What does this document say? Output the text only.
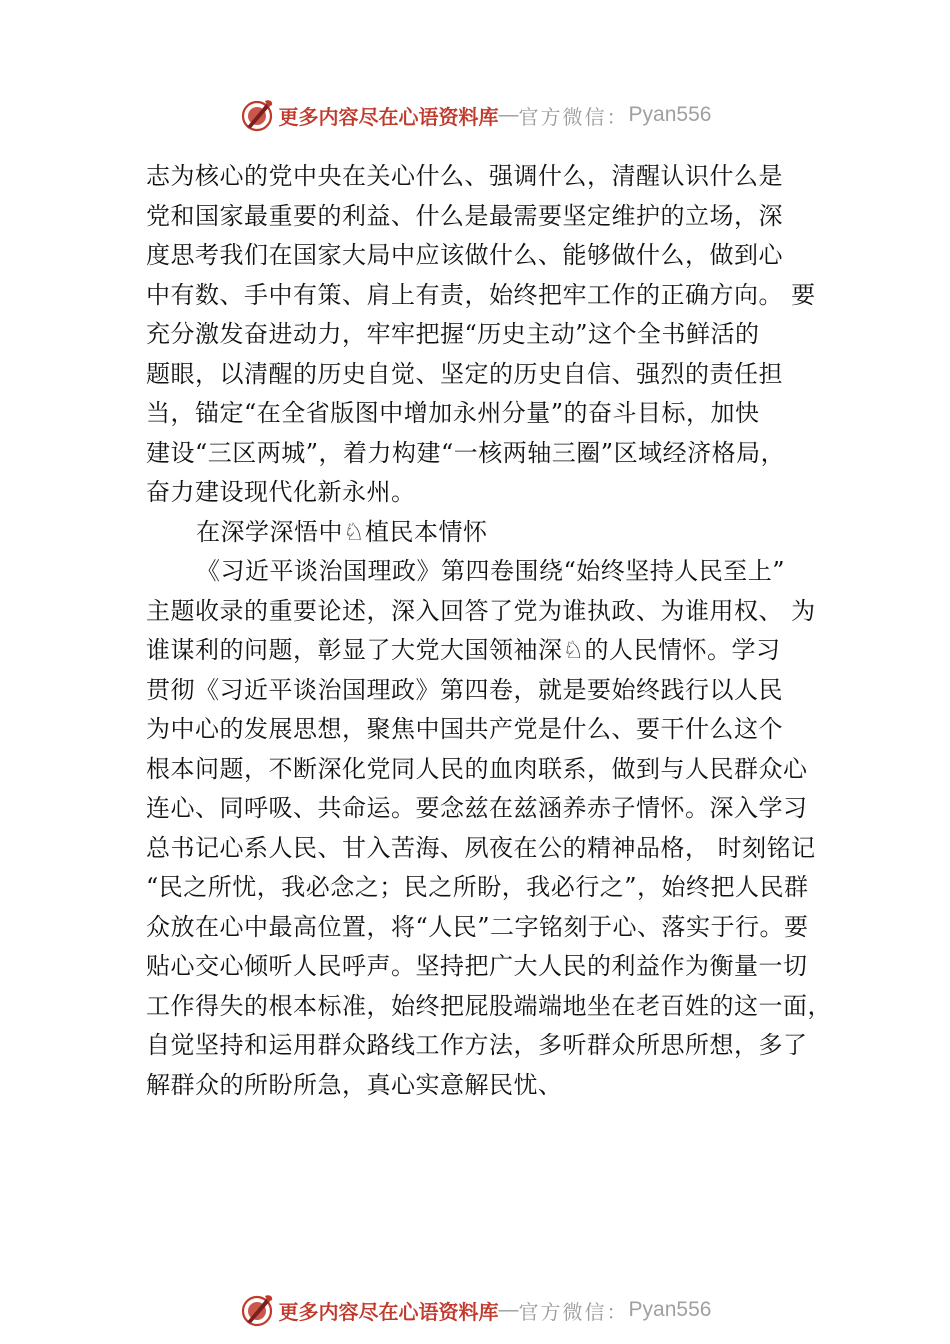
更多内容尽在心语资料库 — 官方微信： Pyan556
志为核心的党中央在关心什么、强调什么，清醒认识什么是
党和国家最重要的利益、什么是最需要坚定维护的立场，深
度思考我们在国家大局中应该做什么、能够做什么，做到心
中有数、手中有策、肩上有责，始终把牢工作的正确方向。 要
充分激发奋进动力，牢牢把握“历史主动”这个全书鲜活的
题眼，以清醒的历史自觉、坚定的历史自信、强烈的责任担
当，锚定“在全省版图中增加永州分量”的奋斗目标，加快
建设“三区两城”，着力构建“一核两轴三圈”区域经济格局，
奋力建设现代化新永州。
在深学深悟中♘植民本情怀
《习近平谈治国理政》第四卷围绕“始终坚持人民至上”
主题收录的重要论述，深入回答了党为谁执政、为谁用权、 为
谁谋利的问题，彰显了大党大国领袖深♘的人民情怀。学习
贯彻《习近平谈治国理政》第四卷，就是要始终践行以人民
为中心的发展思想，聚焦中国共产党是什么、要干什么这个
根本问题，不断深化党同人民的血肉联系，做到与人民群众心
连心、同呼吸、共命运。要念兹在兹涵养赤子情怀。深入学习
总书记心系人民、甘入苦海、夙夜在公的精神品格， 时刻铭记
“民之所忧，我必念之；民之所盼，我必行之”，始终把人民群
众放在心中最高位置，将“人民”二字铭刻于心、落实于行。要
贴心交心倾听人民呼声。坚持把广大人民的利益作为衡量一切
工作得失的根本标准，始终把屁股端端地坐在老百姓的这一面，
自觉坚持和运用群众路线工作方法，多听群众所思所想，多了
解群众的所盼所急，真心实意解民忧、
更多内容尽在心语资料库 — 官方微信： Pyan556
